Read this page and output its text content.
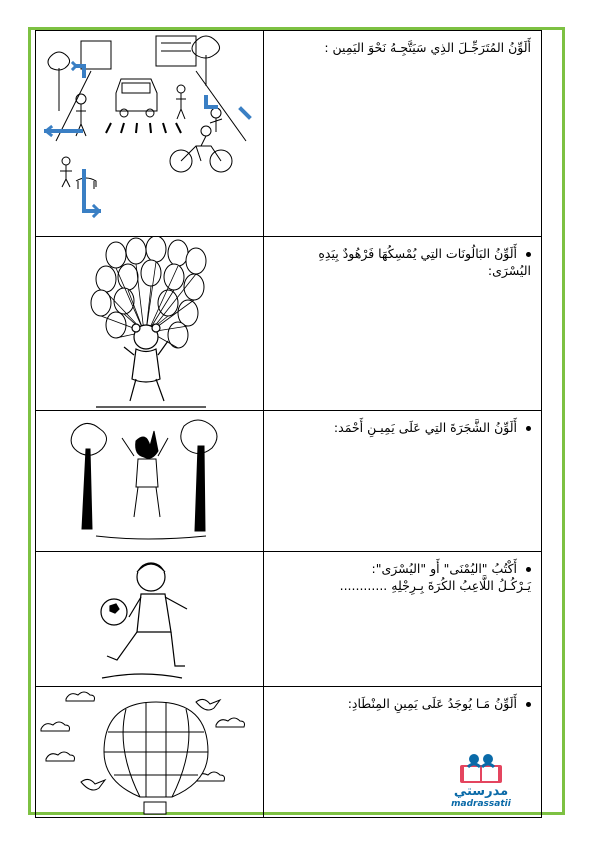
أَلَوِّنُ المُتَرَجِّـلَ الذِي سَيَتَّجِـهُ نَحْوَ اليَمِين :

أَلَوِّنُ البَالُونَات التِي يُمْسِكُهَا فَرْهُودٌ بِيَدِهِ
اليُسْرَى:

أَلَوِّنُ الشَّجَرَةَ التِي عَلَى يَمِيـنِ أَحْمَد:

أَكْتُبُ "اليُمْنَى" أَو "اليُسْرَى":
يَـرْكُـلُ اللَّاعِبُ الكُرَةَ بِـرِجْلِهِ ............

أَلَوِّنُ مَـا يُوجَدُ عَلَى يَمِينِ المِنْطَادِ:
مدرستي
madrassatii
